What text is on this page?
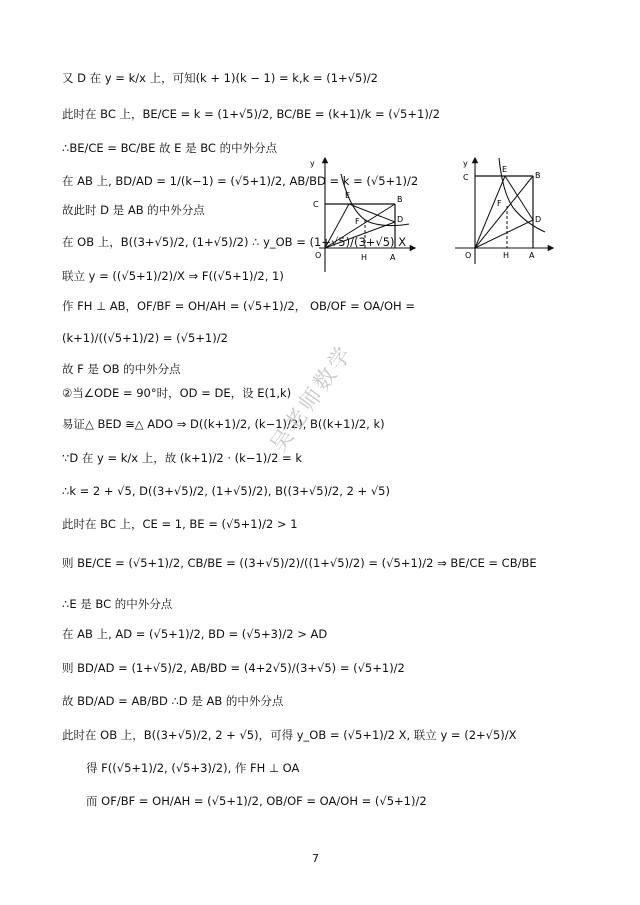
又 D 在 y = k/x 上，可知(k + 1)(k − 1) = k,k = (1+√5)/2
此时在 BC 上，BE/CE = k = (1+√5)/2, BC/BE = (k+1)/k = (√5+1)/2
∴BE/CE = BC/BE 故 E 是 BC 的中外分点
在 AB 上, BD/AD = 1/(k−1) = (√5+1)/2, AB/BD = k = (√5+1)/2
故此时 D 是 AB 的中外分点
在 OB 上，B((3+√5)/2, (1+√5)/2) ∴ y_OB = (1+√5)/(3+√5) X
联立 y = ((√5+1)/2)/X ⇒ F((√5+1)/2, 1)
作 FH ⊥ AB，OF/BF = OH/AH = (√5+1)/2， OB/OF = OA/OH =
(k+1)/((√5+1)/2) = (√5+1)/2
故 F 是 OB 的中外分点
②当∠ODE = 90°时，OD = DE，设 E(1,k)
易证△ BED ≅△ ADO ⇒ D((k+1)/2, (k−1)/2), B((k+1)/2, k)
∵D 在 y = k/x 上，故 (k+1)/2 · (k−1)/2 = k
∴k = 2 + √5, D((3+√5)/2, (1+√5)/2), B((3+√5)/2, 2 + √5)
此时在 BC 上，CE = 1, BE = (√5+1)/2 > 1
则 BE/CE = (√5+1)/2, CB/BE = ((3+√5)/2)/((1+√5)/2) = (√5+1)/2 ⇒ BE/CE = CB/BE
∴E 是 BC 的中外分点
在 AB 上, AD = (√5+1)/2, BD = (√5+3)/2 > AD
则 BD/AD = (1+√5)/2, AB/BD = (4+2√5)/(3+√5) = (√5+1)/2
故 BD/AD = AB/BD ∴D 是 AB 的中外分点
此时在 OB 上，B((3+√5)/2, 2 + √5)，可得 y_OB = (√5+1)/2 X, 联立 y = (2+√5)/X
得 F((√5+1)/2, (√5+3)/2), 作 FH ⊥ OA
而 OF/BF = OH/AH = (√5+1)/2, OB/OF = OA/OH = (√5+1)/2
y
C
E	B
F	D
O	H	A
y
C
E
B
F
D
O	H A
吴老师数学
7
